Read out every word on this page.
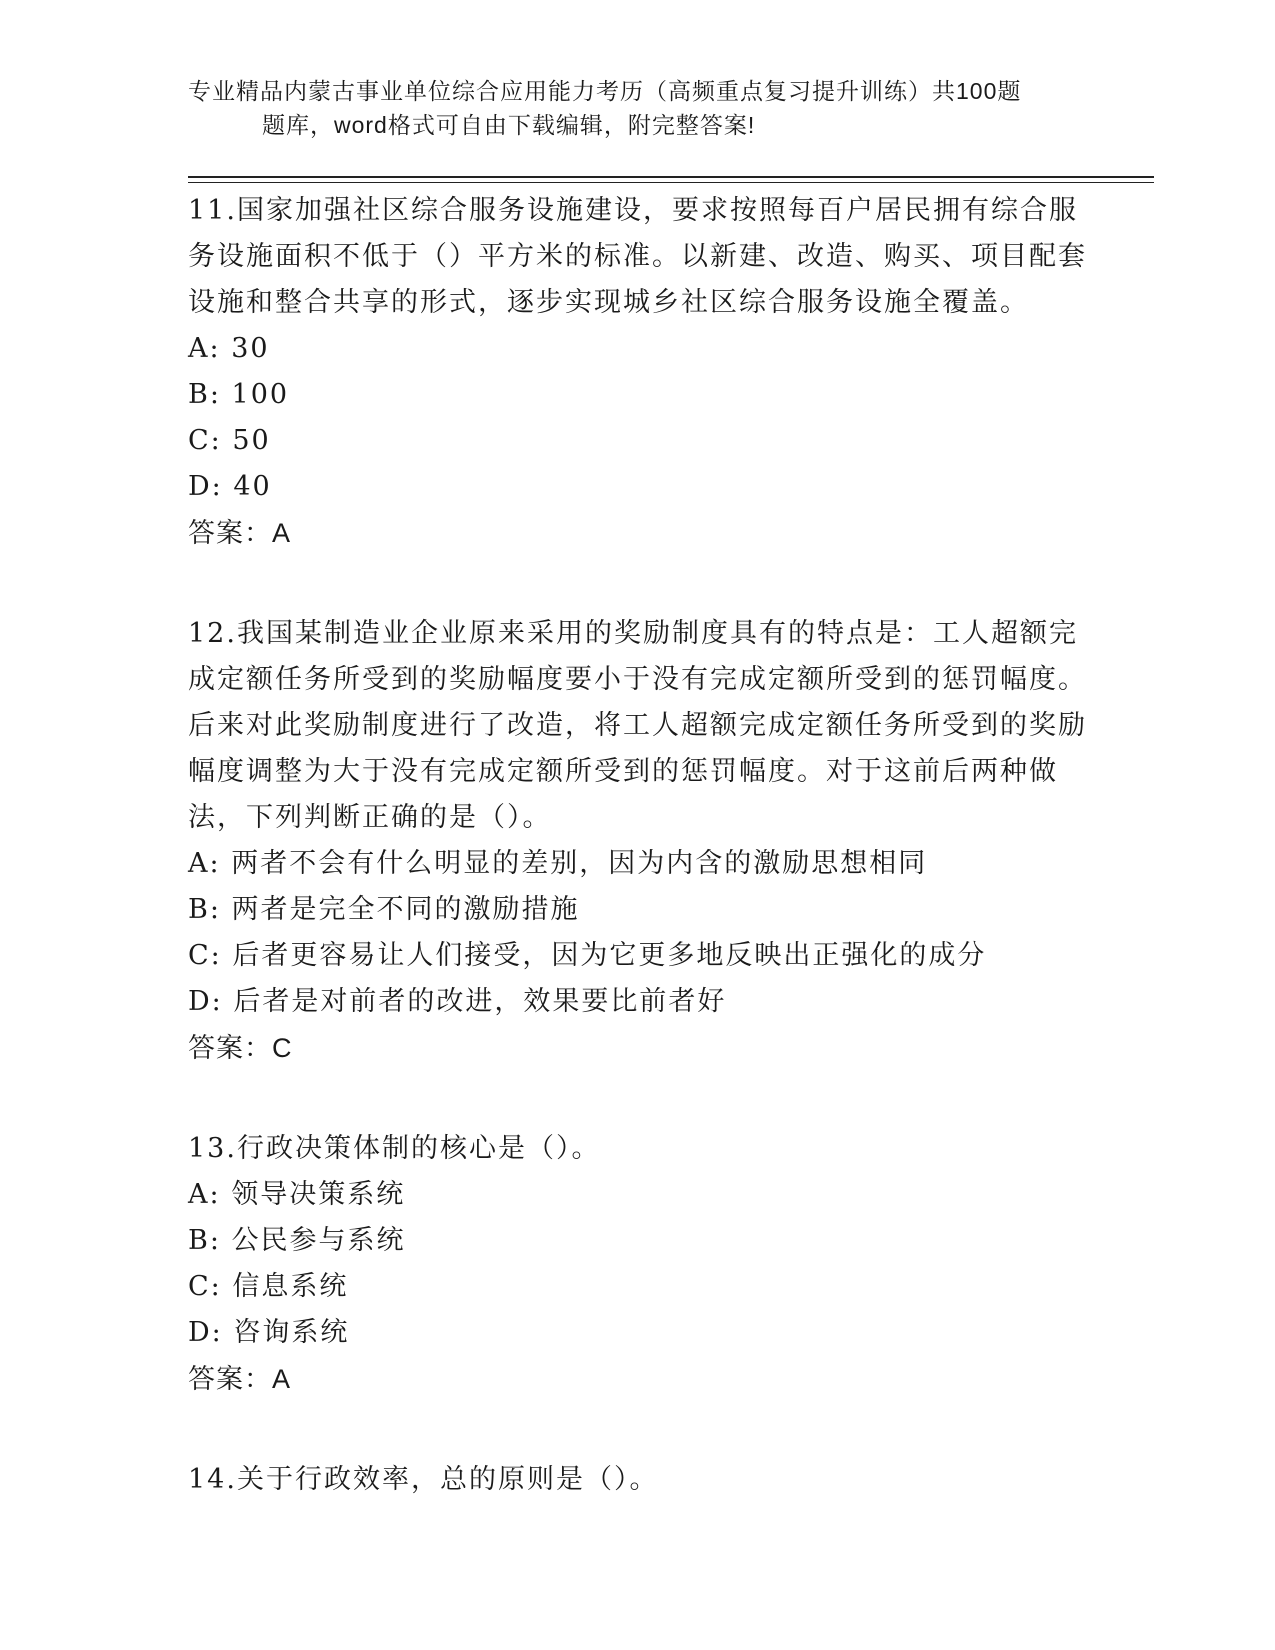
专业精品内蒙古事业单位综合应用能力考历（高频重点复习提升训练）共100题
题库，word格式可自由下载编辑，附完整答案!

11.国家加强社区综合服务设施建设，要求按照每百户居民拥有综合服务设施面积不低于（）平方米的标准。以新建、改造、购买、项目配套设施和整合共享的形式，逐步实现城乡社区综合服务设施全覆盖。

A: 30

B: 100

C: 50

D: 40

答案：A

12.我国某制造业企业原来采用的奖励制度具有的特点是：工人超额完成定额任务所受到的奖励幅度要小于没有完成定额所受到的惩罚幅度。后来对此奖励制度进行了改造，将工人超额完成定额任务所受到的奖励幅度调整为大于没有完成定额所受到的惩罚幅度。对于这前后两种做法，下列判断正确的是（）。

A: 两者不会有什么明显的差别，因为内含的激励思想相同

B: 两者是完全不同的激励措施

C: 后者更容易让人们接受，因为它更多地反映出正强化的成分

D: 后者是对前者的改进，效果要比前者好

答案：C

13.行政决策体制的核心是（）。

A: 领导决策系统

B: 公民参与系统

C: 信息系统

D: 咨询系统

答案：A

14.关于行政效率，总的原则是（）。
